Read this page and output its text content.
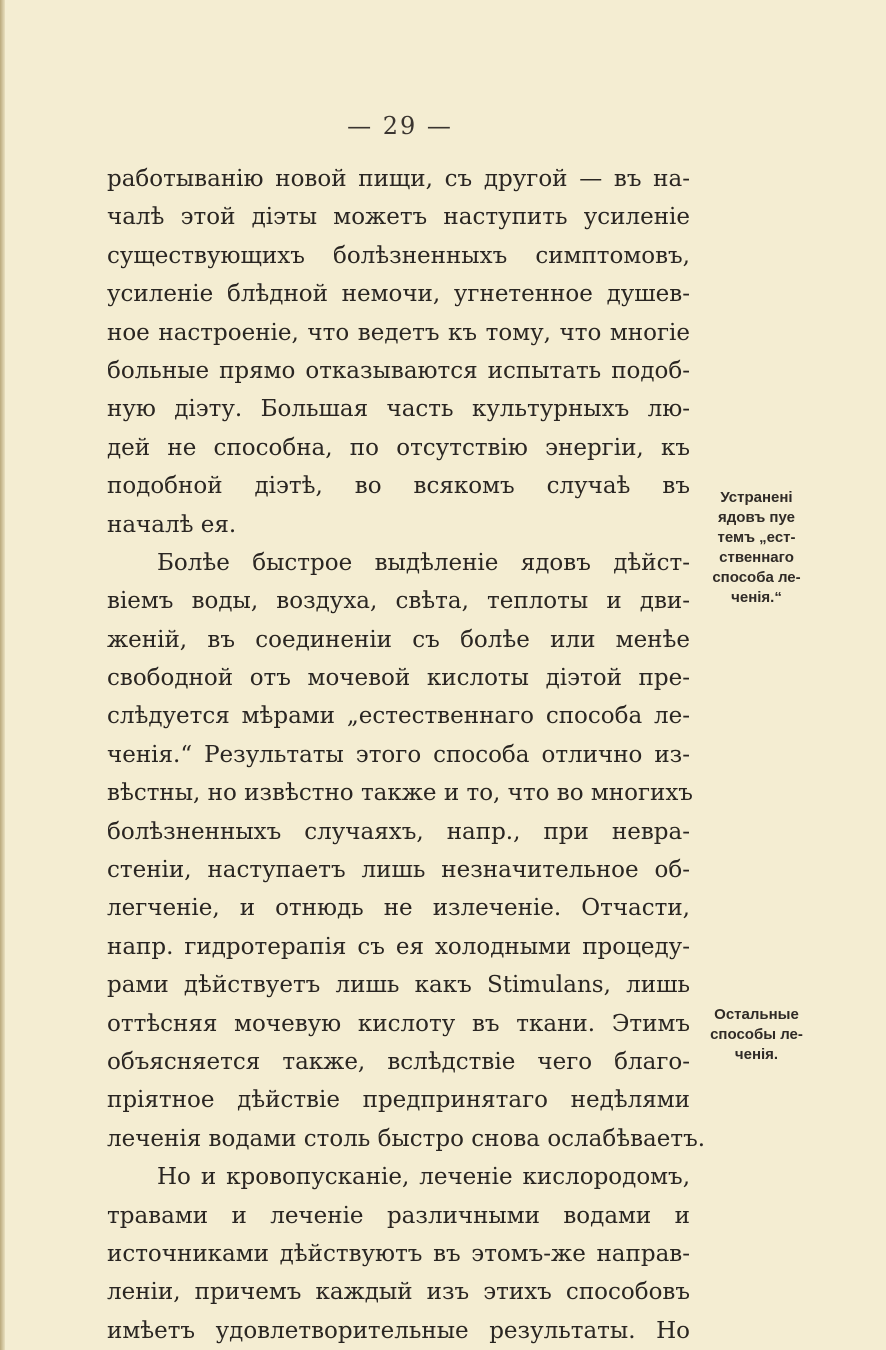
— 29 —
работыванію новой пищи, съ другой — въ на-
чалѣ этой діэты можетъ наступить усиленіе
существующихъ болѣзненныхъ симптомовъ,
усиленіе блѣдной немочи, угнетенное душев-
ное настроеніе, что ведетъ къ тому, что многіе
больные прямо отказываются испытать подоб-
ную діэту. Большая часть культурныхъ лю-
дей не способна, по отсутствію энергіи, къ
подобной діэтѣ, во всякомъ случаѣ въ
началѣ ея.
Болѣе быстрое выдѣленіе ядовъ дѣйст-
віемъ воды, воздуха, свѣта, теплоты и дви-
женій, въ соединеніи съ болѣе или менѣе
свободной отъ мочевой кислоты діэтой пре-
слѣдуется мѣрами „естественнаго способа ле-
ченія.“ Результаты этого способа отлично из-
вѣстны, но извѣстно также и то, что во многихъ
болѣзненныхъ случаяхъ, напр., при невра-
стеніи, наступаетъ лишь незначительное об-
легченіе, и отнюдь не излеченіе. Отчасти,
напр. гидротерапія съ ея холодными процеду-
рами дѣйствуетъ лишь какъ Stimulans, лишь
оттѣсняя мочевую кислоту въ ткани. Этимъ
объясняется также, вслѣдствіе чего благо-
пріятное дѣйствіе предпринятаго недѣлями
леченія водами столь быстро снова ослабѣваетъ.
Но и кровопусканіе, леченіе кислородомъ,
травами и леченіе различными водами и
источниками дѣйствуютъ въ этомъ-же направ-
леніи, причемъ каждый изъ этихъ способовъ
имѣетъ удовлетворительные результаты. Но
Устранені
ядовъ пуе
темъ „ест-
ственнаго
способа ле-
ченія.“
Остальные
способы ле-
ченія.
